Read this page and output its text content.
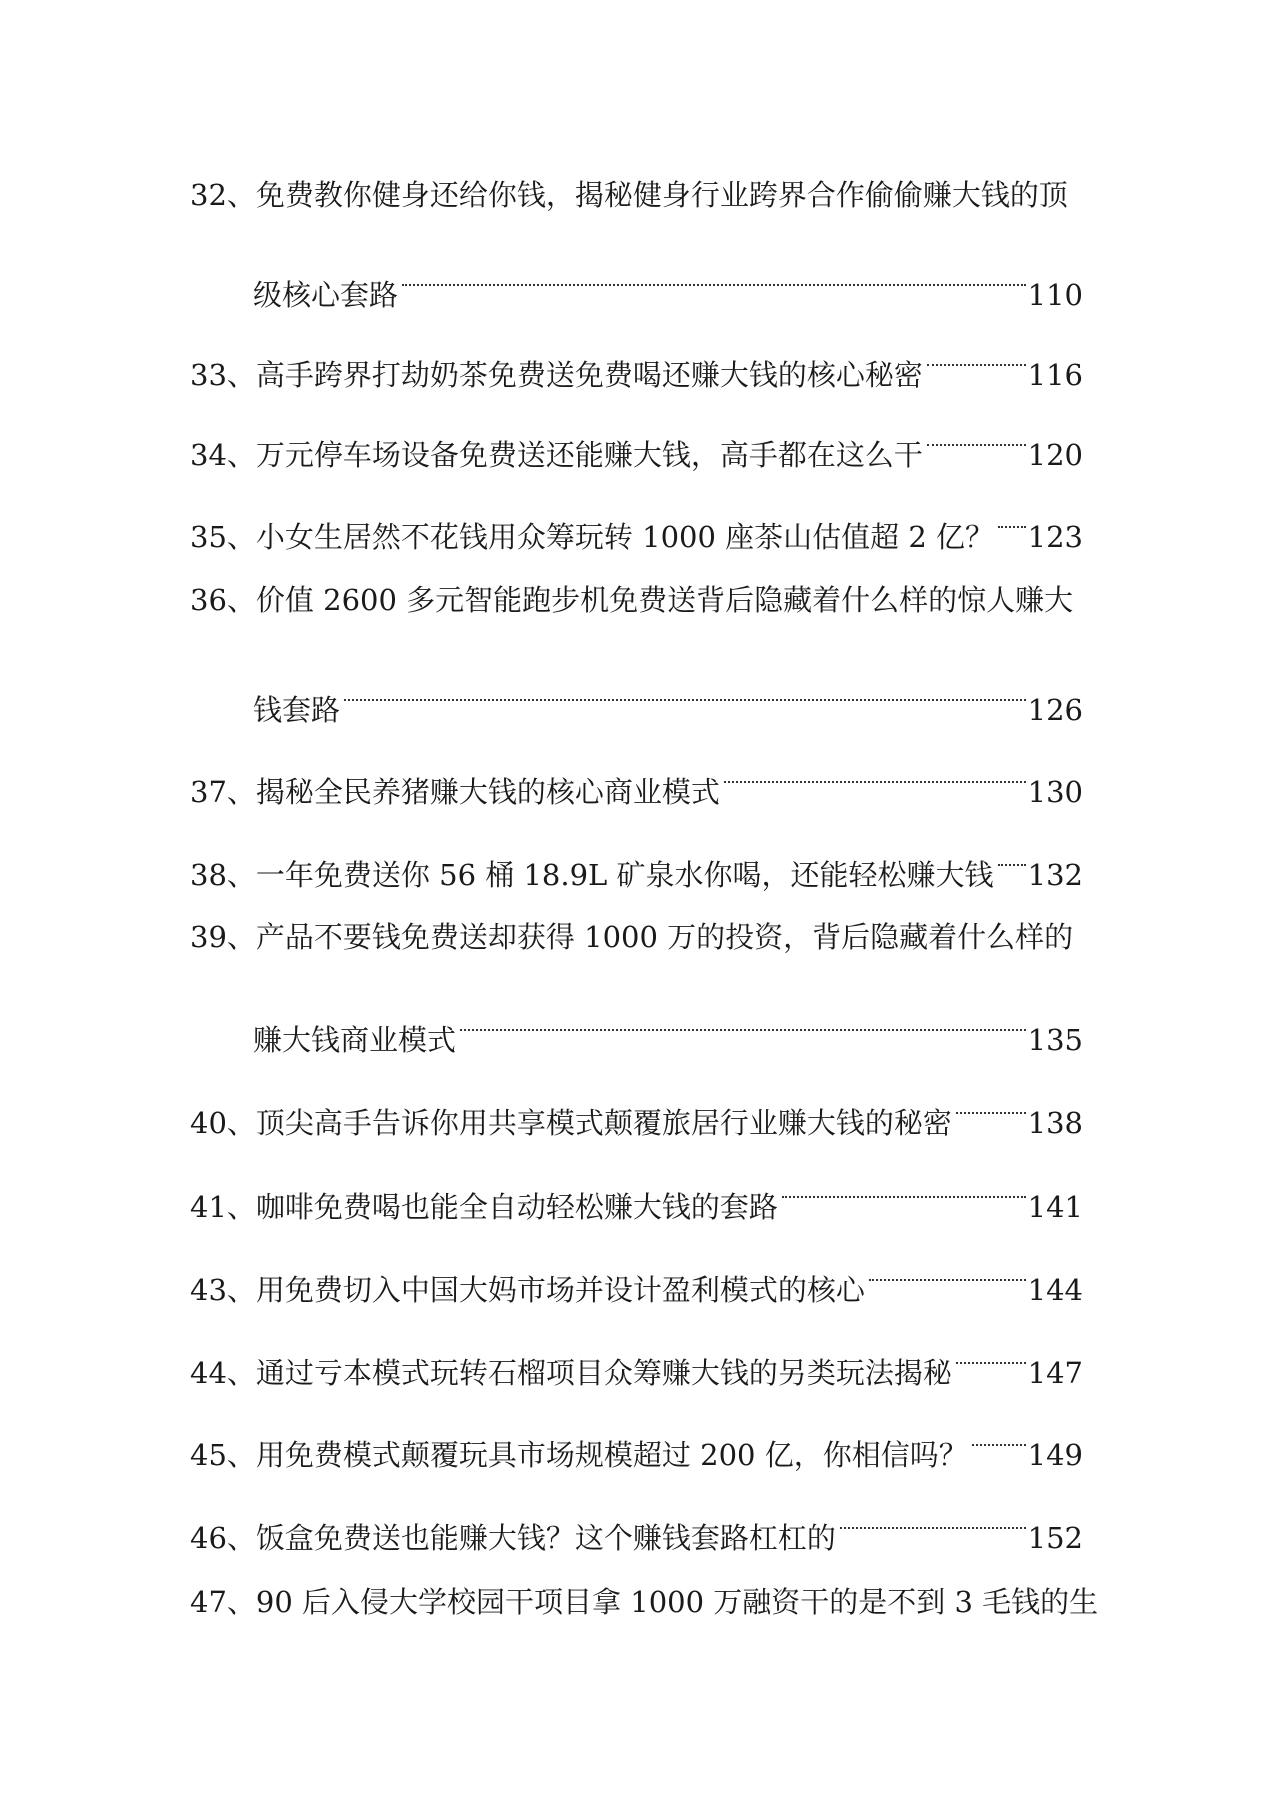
32、 免费教你健身还给你钱，揭秘健身行业跨界合作偷偷赚大钱的顶
级核心套路	110
33、 高手跨界打劫奶茶免费送免费喝还赚大钱的核心秘密	116
34、 万元停车场设备免费送还能赚大钱，高手都在这么干	120
35、 小女生居然不花钱用众筹玩转 1000 座茶山估值超 2 亿？ 123
36、 价值 2600 多元智能跑步机免费送背后隐藏着什么样的惊人赚大
钱套路	126
37、 揭秘全民养猪赚大钱的核心商业模式	130
38、 一年免费送你 56 桶 18.9L 矿泉水你喝，还能轻松赚大钱 132
39、 产品不要钱免费送却获得 1000 万的投资，背后隐藏着什么样的
赚大钱商业模式	135
40、 顶尖高手告诉你用共享模式颠覆旅居行业赚大钱的秘密	138
41、 咖啡免费喝也能全自动轻松赚大钱的套路	141
43、 用免费切入中国大妈市场并设计盈利模式的核心	144
44、 通过亏本模式玩转石榴项目众筹赚大钱的另类玩法揭秘	147
45、 用免费模式颠覆玩具市场规模超过 200 亿，你相信吗？ 149
46、 饭盒免费送也能赚大钱？这个赚钱套路杠杠的	152
47、 90 后入侵大学校园干项目拿 1000 万融资干的是不到 3 毛钱的生
